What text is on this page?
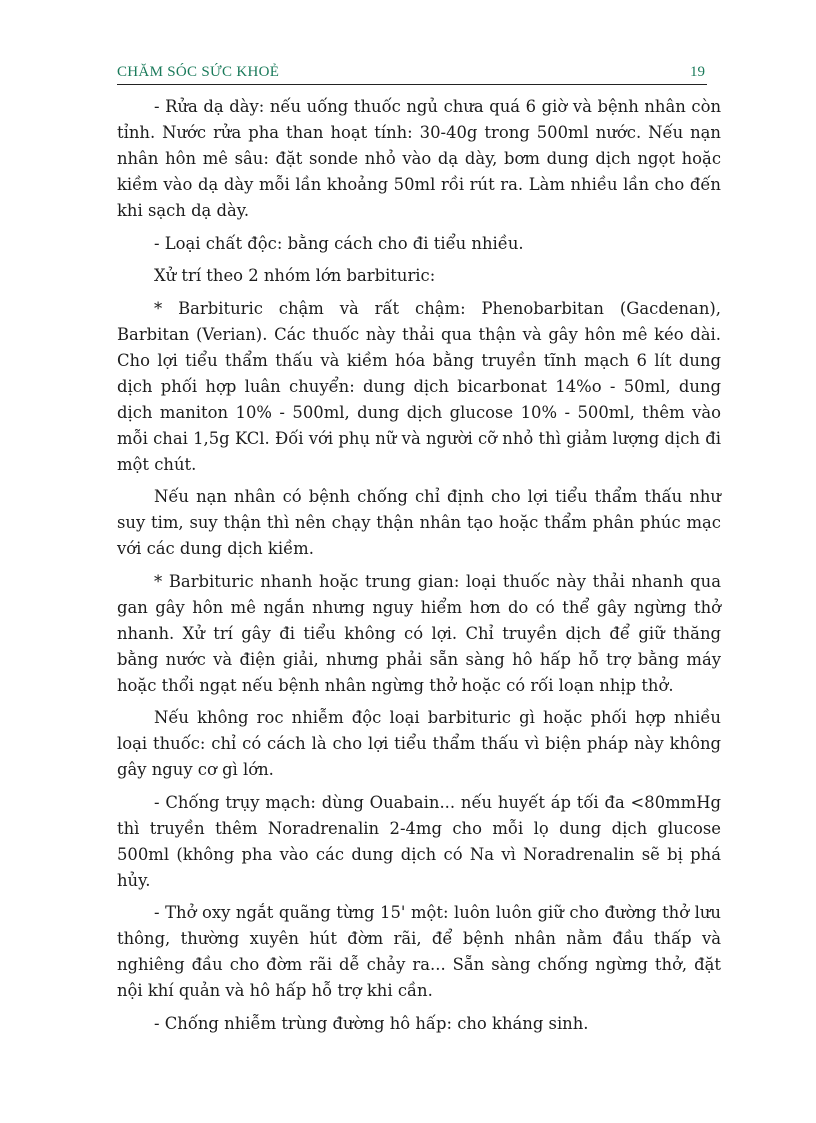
CHĂM SÓC SỨC KHOẺ	19

- Rửa dạ dày: nếu uống thuốc ngủ chưa quá 6 giờ và bệnh nhân còn tỉnh. Nước rửa pha than hoạt tính: 30-40g trong 500ml nước. Nếu nạn nhân hôn mê sâu: đặt sonde nhỏ vào dạ dày, bơm dung dịch ngọt hoặc kiềm vào dạ dày mỗi lần khoảng 50ml rồi rút ra. Làm nhiều lần cho đến khi sạch dạ dày.

- Loại chất độc: bằng cách cho đi tiểu nhiều.

Xử trí theo 2 nhóm lớn barbituric:

* Barbituric chậm và rất chậm: Phenobarbitan (Gacdenan), Barbitan (Verian). Các thuốc này thải qua thận và gây hôn mê kéo dài. Cho lợi tiểu thẩm thấu và kiềm hóa bằng truyền tĩnh mạch 6 lít dung dịch phối hợp luân chuyển: dung dịch bicarbonat 14%o - 50ml, dung dịch maniton 10% - 500ml, dung dịch glucose 10% - 500ml, thêm vào mỗi chai 1,5g KCl. Đối với phụ nữ và người cỡ nhỏ thì giảm lượng dịch đi một chút.

Nếu nạn nhân có bệnh chống chỉ định cho lợi tiểu thẩm thấu như suy tim, suy thận thì nên chạy thận nhân tạo hoặc thẩm phân phúc mạc với các dung dịch kiềm.

* Barbituric nhanh hoặc trung gian: loại thuốc này thải nhanh qua gan gây hôn mê ngắn nhưng nguy hiểm hơn do có thể gây ngừng thở nhanh. Xử trí gây đi tiểu không có lợi. Chỉ truyền dịch để giữ thăng bằng nước và điện giải, nhưng phải sẵn sàng hô hấp hỗ trợ bằng máy hoặc thổi ngạt nếu bệnh nhân ngừng thở hoặc có rối loạn nhịp thở.

Nếu không roc nhiễm độc loại barbituric gì hoặc phối hợp nhiều loại thuốc: chỉ có cách là cho lợi tiểu thẩm thấu vì biện pháp này không gây nguy cơ gì lớn.

- Chống trụy mạch: dùng Ouabain... nếu huyết áp tối đa <80mmHg thì truyền thêm Noradrenalin 2-4mg cho mỗi lọ dung dịch glucose 500ml (không pha vào các dung dịch có Na vì Noradrenalin sẽ bị phá hủy.

- Thở oxy ngắt quãng từng 15' một: luôn luôn giữ cho đường thở lưu thông, thường xuyên hút đờm rãi, để bệnh nhân nằm đầu thấp và nghiêng đầu cho đờm rãi dễ chảy ra... Sẵn sàng chống ngừng thở, đặt nội khí quản và hô hấp hỗ trợ khi cần.

- Chống nhiễm trùng đường hô hấp: cho kháng sinh.
